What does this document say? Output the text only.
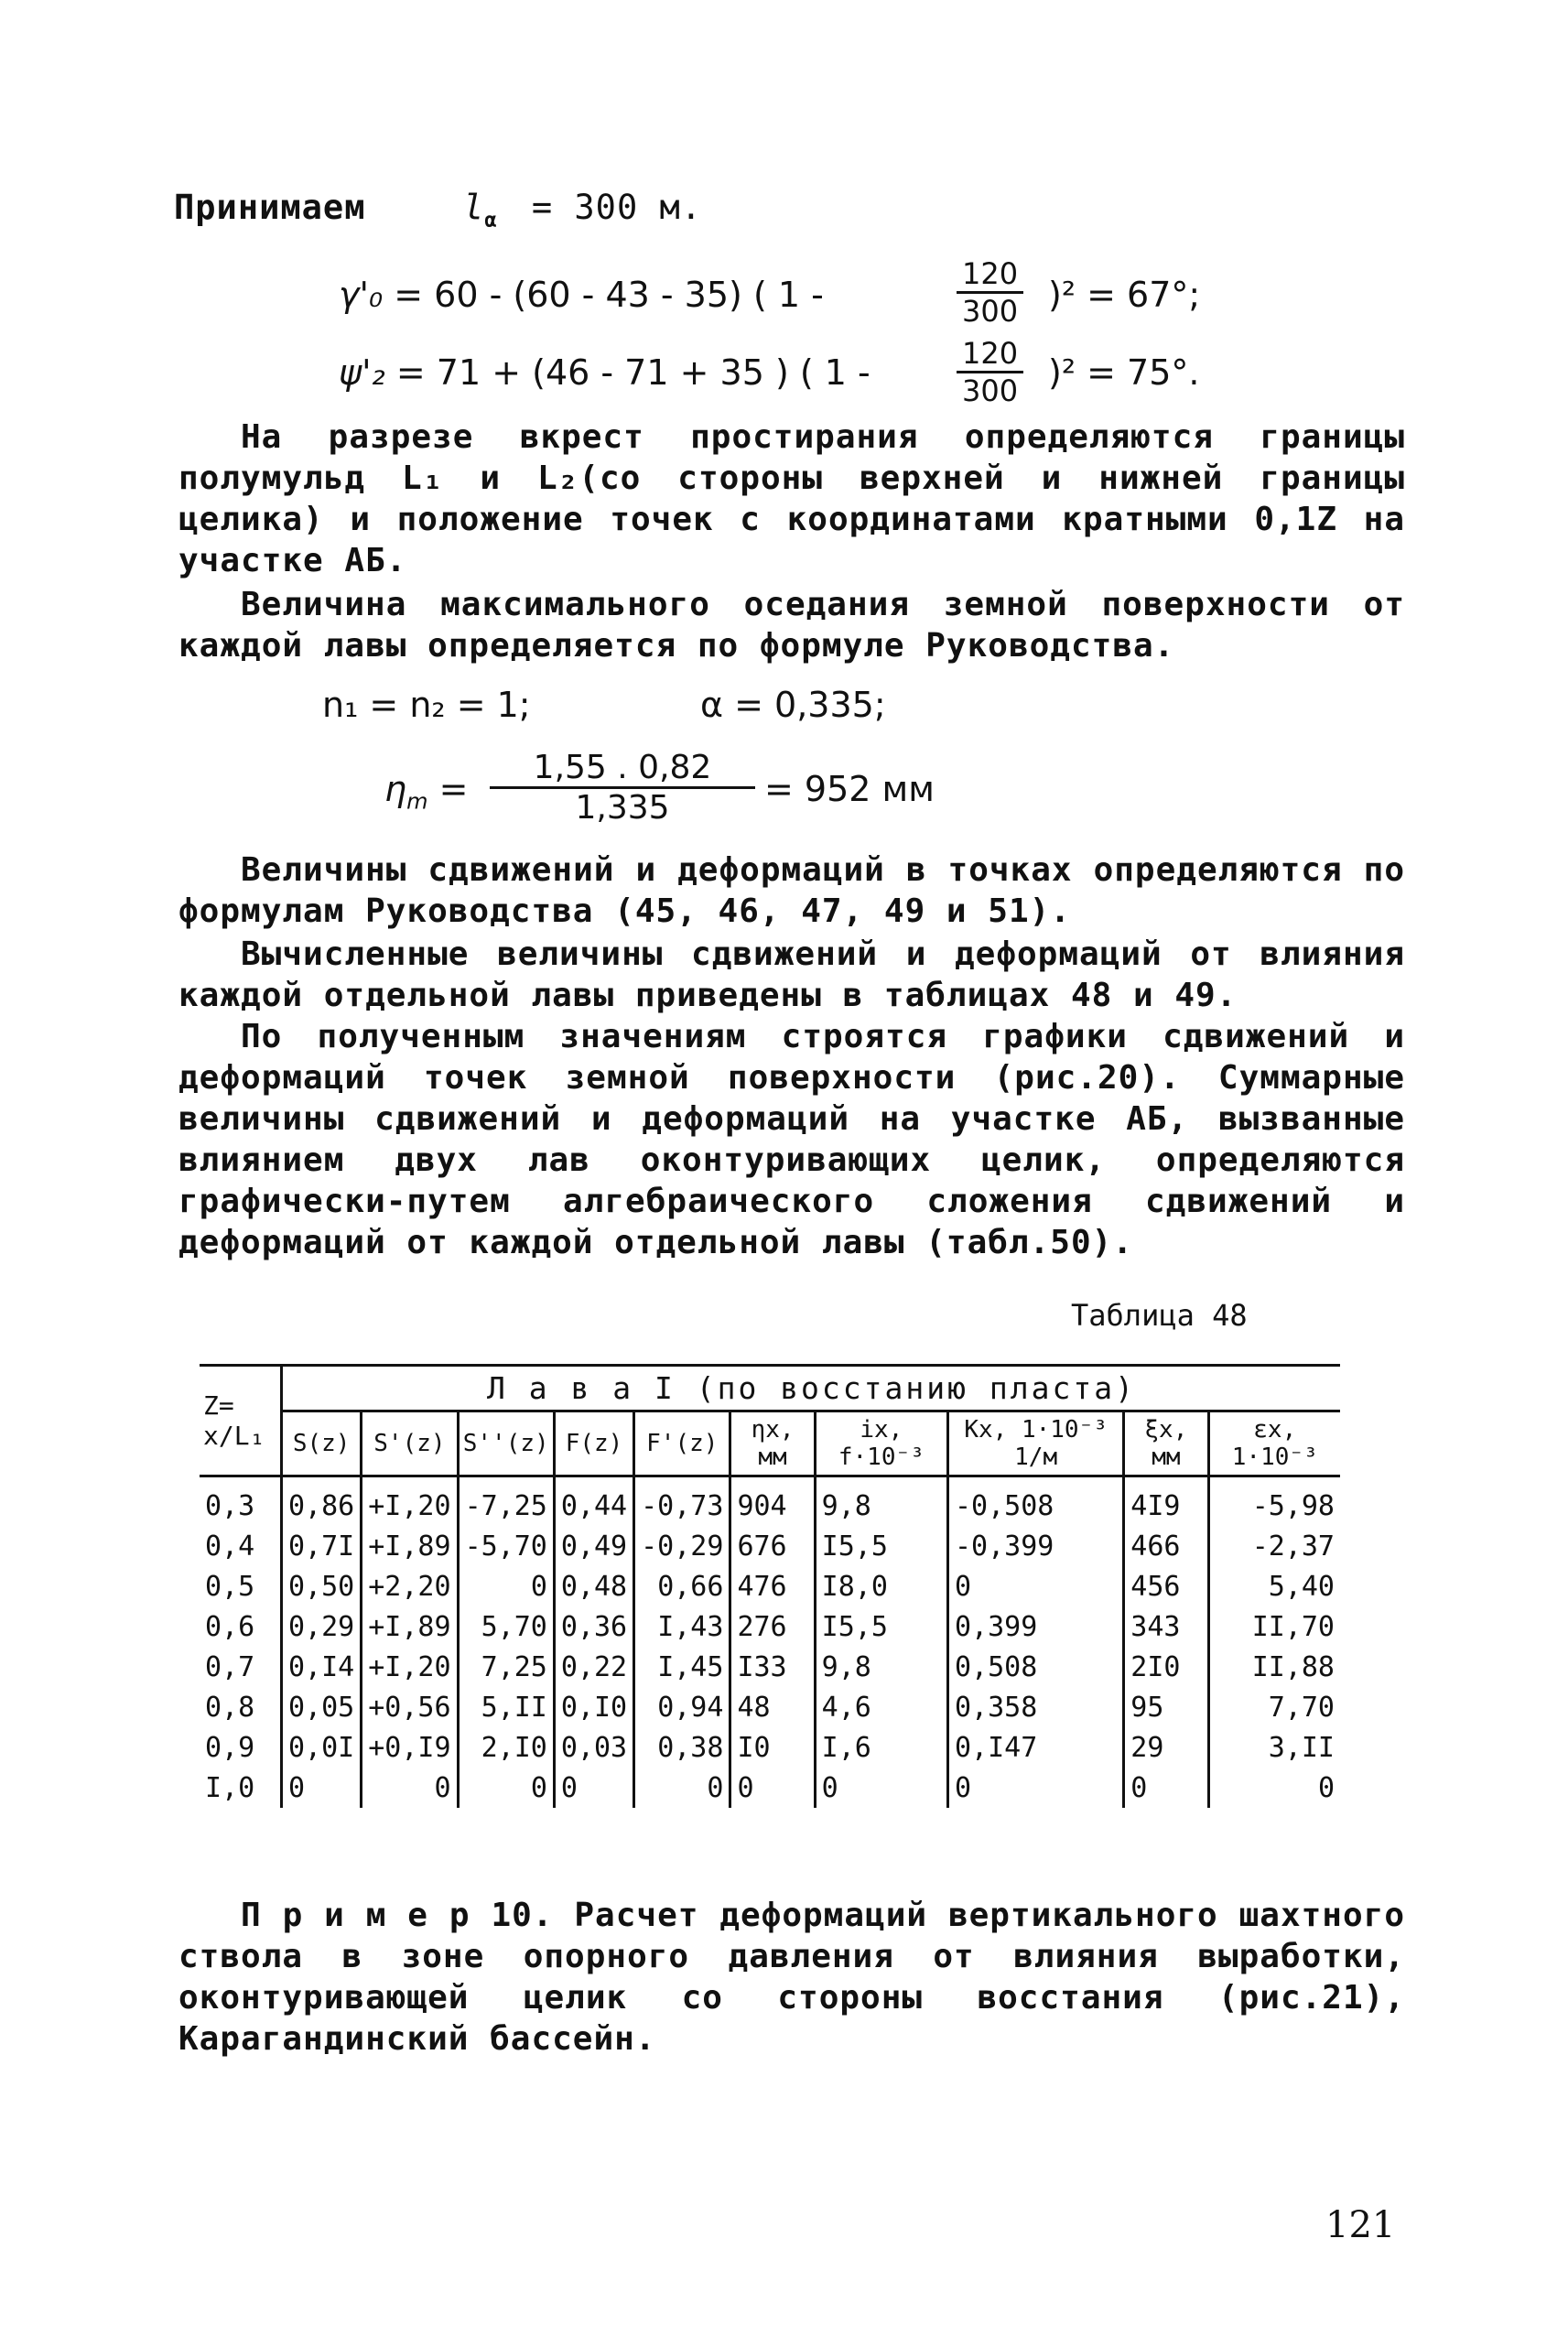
Принимаем	$l_\alpha = 300$ м.
γ'₀ = 60 - (60 - 43 - 35) ( 1 -	$\frac{120}{300} )^2 = 67^\circ$;
ψ'₂ = 71 + (46 - 71 + 35 ) ( 1 -	$\frac{120}{300} )^2 = 75^\circ$.
На разрезе вкрест простирания определяются границы полумульд L₁ и L₂(со стороны верхней и нижней границы целика) и положение точек с координатами кратными 0,1Z на участке АБ.
Величина максимального оседания земной поверхности от каждой лавы определяется по формуле Руководства.
n₁ = n₂ = 1;	α = 0,335;
$\eta_m = \frac{1,55 . 0,82}{1,335} = 952$ мм
Величины сдвижений и деформаций в точках определяются по формулам Руководства (45, 46, 47, 49 и 51).
Вычисленные величины сдвижений и деформаций от влияния каждой отдельной лавы приведены в таблицах 48 и 49.
По полученным значениям строятся графики сдвижений и деформаций точек земной поверхности (рис.20). Суммарные величины сдвижений и деформаций на участке АБ, вызванные влиянием двух лав оконтуривающих целик, определяются графически-путем алгебраического сложения сдвижений и деформаций от каждой отдельной лавы (табл.50).
Таблица 48
Z= x/L₁	Л а в а I (по восстанию пласта)									
	S(z)	S'(z)	S''(z)	F(z)	F'(z)	ηx, мм	ix, f·10⁻³	Kx, 1·10⁻³ 1/м	ξx, мм	εx, 1·10⁻³
0,3	0,86	+I,20	-7,25	0,44	-0,73	904	9,8	-0,508	4I9	-5,98
0,4	0,7I	+I,89	-5,70	0,49	-0,29	676	I5,5	-0,399	466	-2,37
0,5	0,50	+2,20	0	0,48	0,66	476	I8,0	0	456	5,40
0,6	0,29	+I,89	5,70	0,36	I,43	276	I5,5	0,399	343	II,70
0,7	0,I4	+I,20	7,25	0,22	I,45	I33	9,8	0,508	2I0	II,88
0,8	0,05	+0,56	5,II	0,I0	0,94	48	4,6	0,358	95	7,70
0,9	0,0I	+0,I9	2,I0	0,03	0,38	I0	I,6	0,I47	29	3,II
I,0	0	0	0	0	0	0	0	0	0	0
П р и м е р 10. Расчет деформаций вертикального шахтного ствола в зоне опорного давления от влияния выработки, оконтуривающей целик со стороны восстания (рис.21), Карагандинский бассейн.
121
